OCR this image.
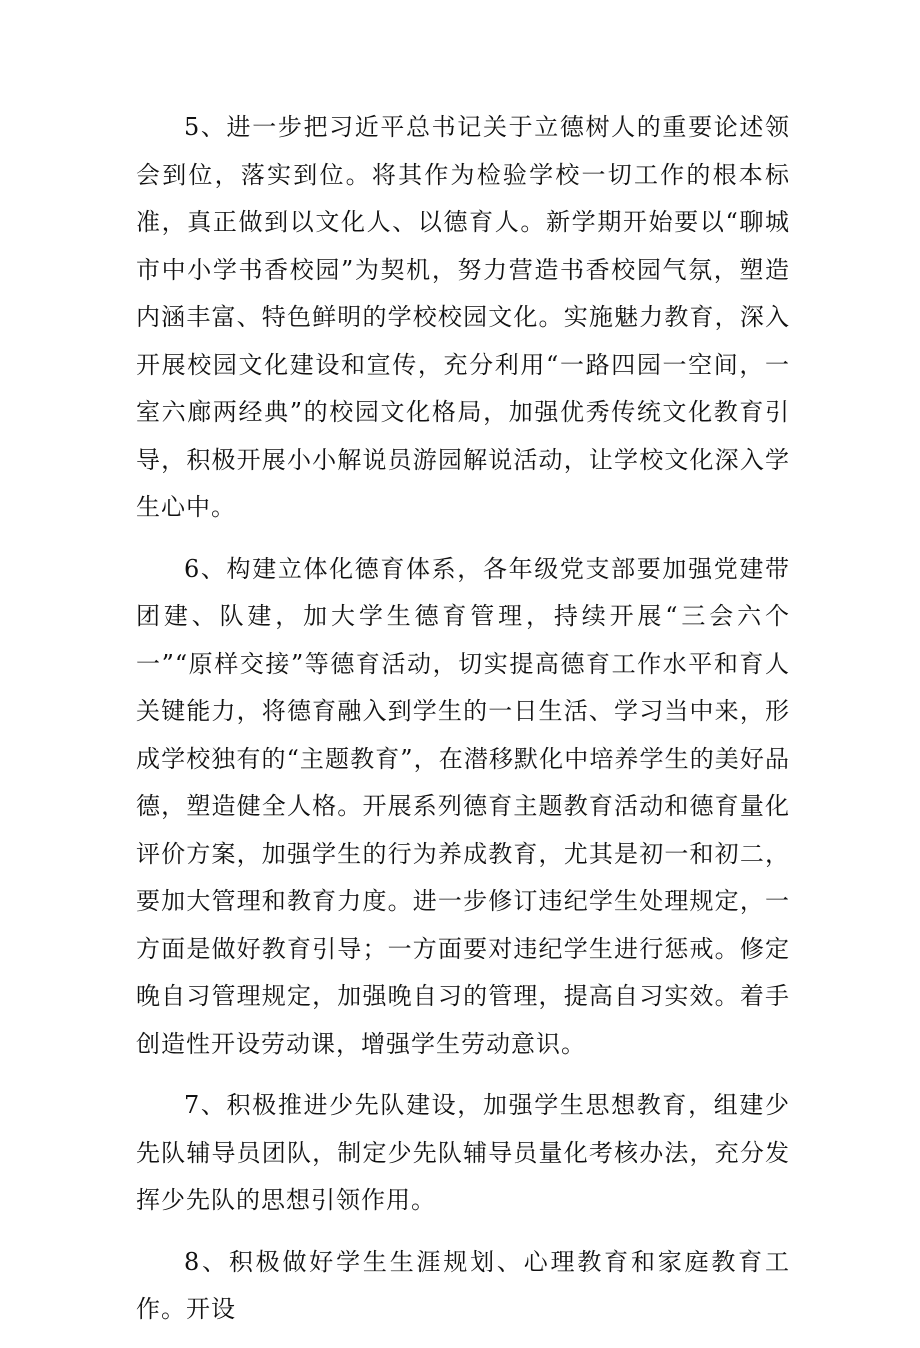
5、进一步把习近平总书记关于立德树人的重要论述领会到位，落实到位。将其作为检验学校一切工作的根本标准，真正做到以文化人、以德育人。新学期开始要以“聊城市中小学书香校园”为契机，努力营造书香校园气氛，塑造内涵丰富、特色鲜明的学校校园文化。实施魅力教育，深入开展校园文化建设和宣传，充分利用“一路四园一空间，一室六廊两经典”的校园文化格局，加强优秀传统文化教育引导，积极开展小小解说员游园解说活动，让学校文化深入学生心中。

6、构建立体化德育体系，各年级党支部要加强党建带团建、队建，加大学生德育管理，持续开展“三会六个一”“原样交接”等德育活动，切实提高德育工作水平和育人关键能力，将德育融入到学生的一日生活、学习当中来，形成学校独有的“主题教育”，在潜移默化中培养学生的美好品德，塑造健全人格。开展系列德育主题教育活动和德育量化评价方案，加强学生的行为养成教育，尤其是初一和初二，要加大管理和教育力度。进一步修订违纪学生处理规定，一方面是做好教育引导；一方面要对违纪学生进行惩戒。修定晚自习管理规定，加强晚自习的管理，提高自习实效。着手创造性开设劳动课，增强学生劳动意识。

7、积极推进少先队建设，加强学生思想教育，组建少先队辅导员团队，制定少先队辅导员量化考核办法，充分发挥少先队的思想引领作用。

8、积极做好学生生涯规划、心理教育和家庭教育工作。开设
